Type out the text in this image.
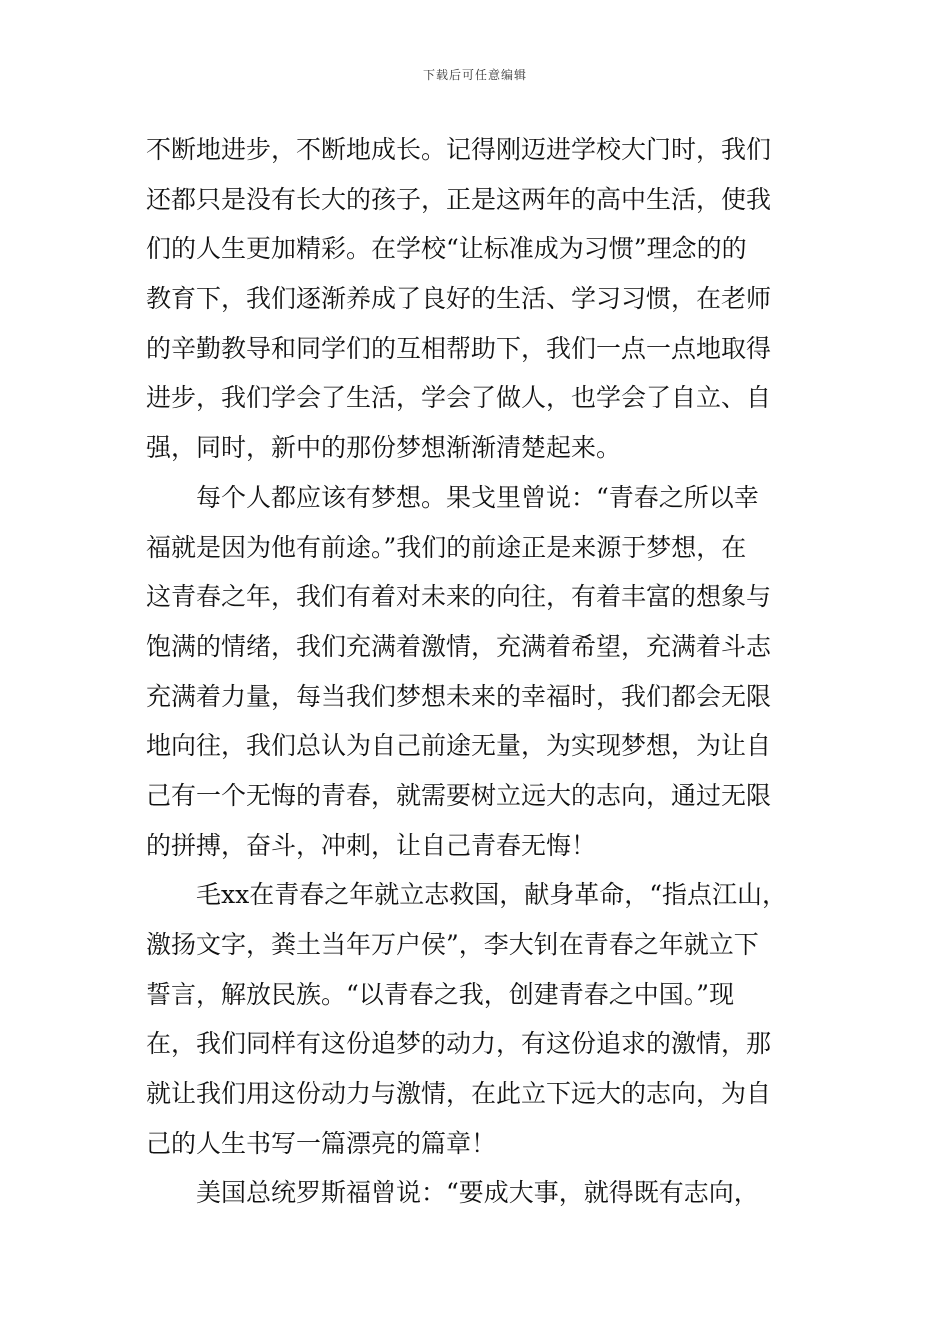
下载后可任意编辑
不断地进步，不断地成长。记得刚迈进学校大门时，我们
还都只是没有长大的孩子，正是这两年的高中生活，使我
们的人生更加精彩。在学校“让标准成为习惯”理念的的
教育下，我们逐渐养成了良好的生活、学习习惯，在老师
的辛勤教导和同学们的互相帮助下，我们一点一点地取得
进步，我们学会了生活，学会了做人，也学会了自立、自
强，同时，新中的那份梦想渐渐清楚起来。
每个人都应该有梦想。果戈里曾说：“青春之所以幸
福就是因为他有前途。”我们的前途正是来源于梦想，在
这青春之年，我们有着对未来的向往，有着丰富的想象与
饱满的情绪，我们充满着激情，充满着希望，充满着斗志
充满着力量，每当我们梦想未来的幸福时，我们都会无限
地向往，我们总认为自己前途无量，为实现梦想，为让自
己有一个无悔的青春，就需要树立远大的志向，通过无限
的拼搏，奋斗，冲刺，让自己青春无悔！
毛xx在青春之年就立志救国，献身革命，“指点江山，
激扬文字，粪土当年万户侯”，李大钊在青春之年就立下
誓言，解放民族。“以青春之我，创建青春之中国。”现
在，我们同样有这份追梦的动力，有这份追求的激情，那
就让我们用这份动力与激情，在此立下远大的志向，为自
己的人生书写一篇漂亮的篇章！
美国总统罗斯福曾说：“要成大事，就得既有志向，
